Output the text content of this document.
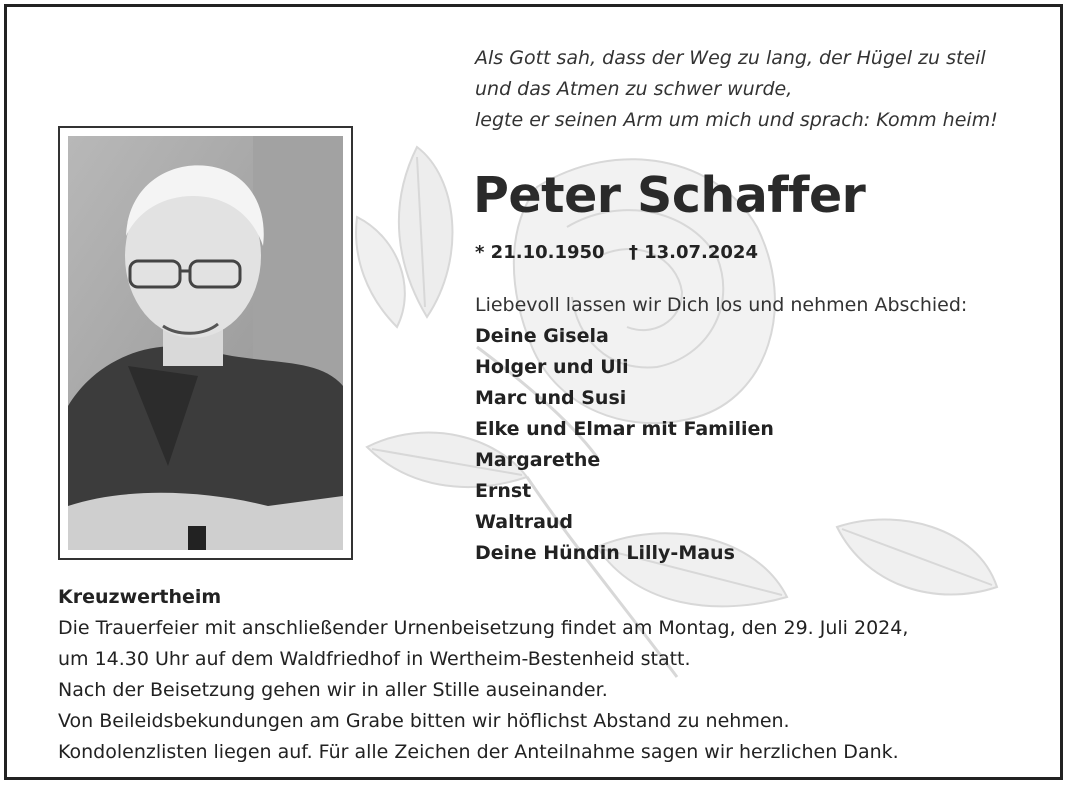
Als Gott sah, dass der Weg zu lang, der Hügel zu steil
und das Atmen zu schwer wurde,
legte er seinen Arm um mich und sprach: Komm heim!
Peter Schaffer
* 21.10.1950 † 13.07.2024
Liebevoll lassen wir Dich los und nehmen Abschied:
Deine Gisela
Holger und Uli
Marc und Susi
Elke und Elmar mit Familien
Margarethe
Ernst
Waltraud
Deine Hündin Lilly-Maus
Kreuzwertheim
Die Trauerfeier mit anschließender Urnenbeisetzung findet am Montag, den 29. Juli 2024,
um 14.30 Uhr auf dem Waldfriedhof in Wertheim-Bestenheid statt.
Nach der Beisetzung gehen wir in aller Stille auseinander.
Von Beileidsbekundungen am Grabe bitten wir höflichst Abstand zu nehmen.
Kondolenzlisten liegen auf. Für alle Zeichen der Anteilnahme sagen wir herzlichen Dank.
